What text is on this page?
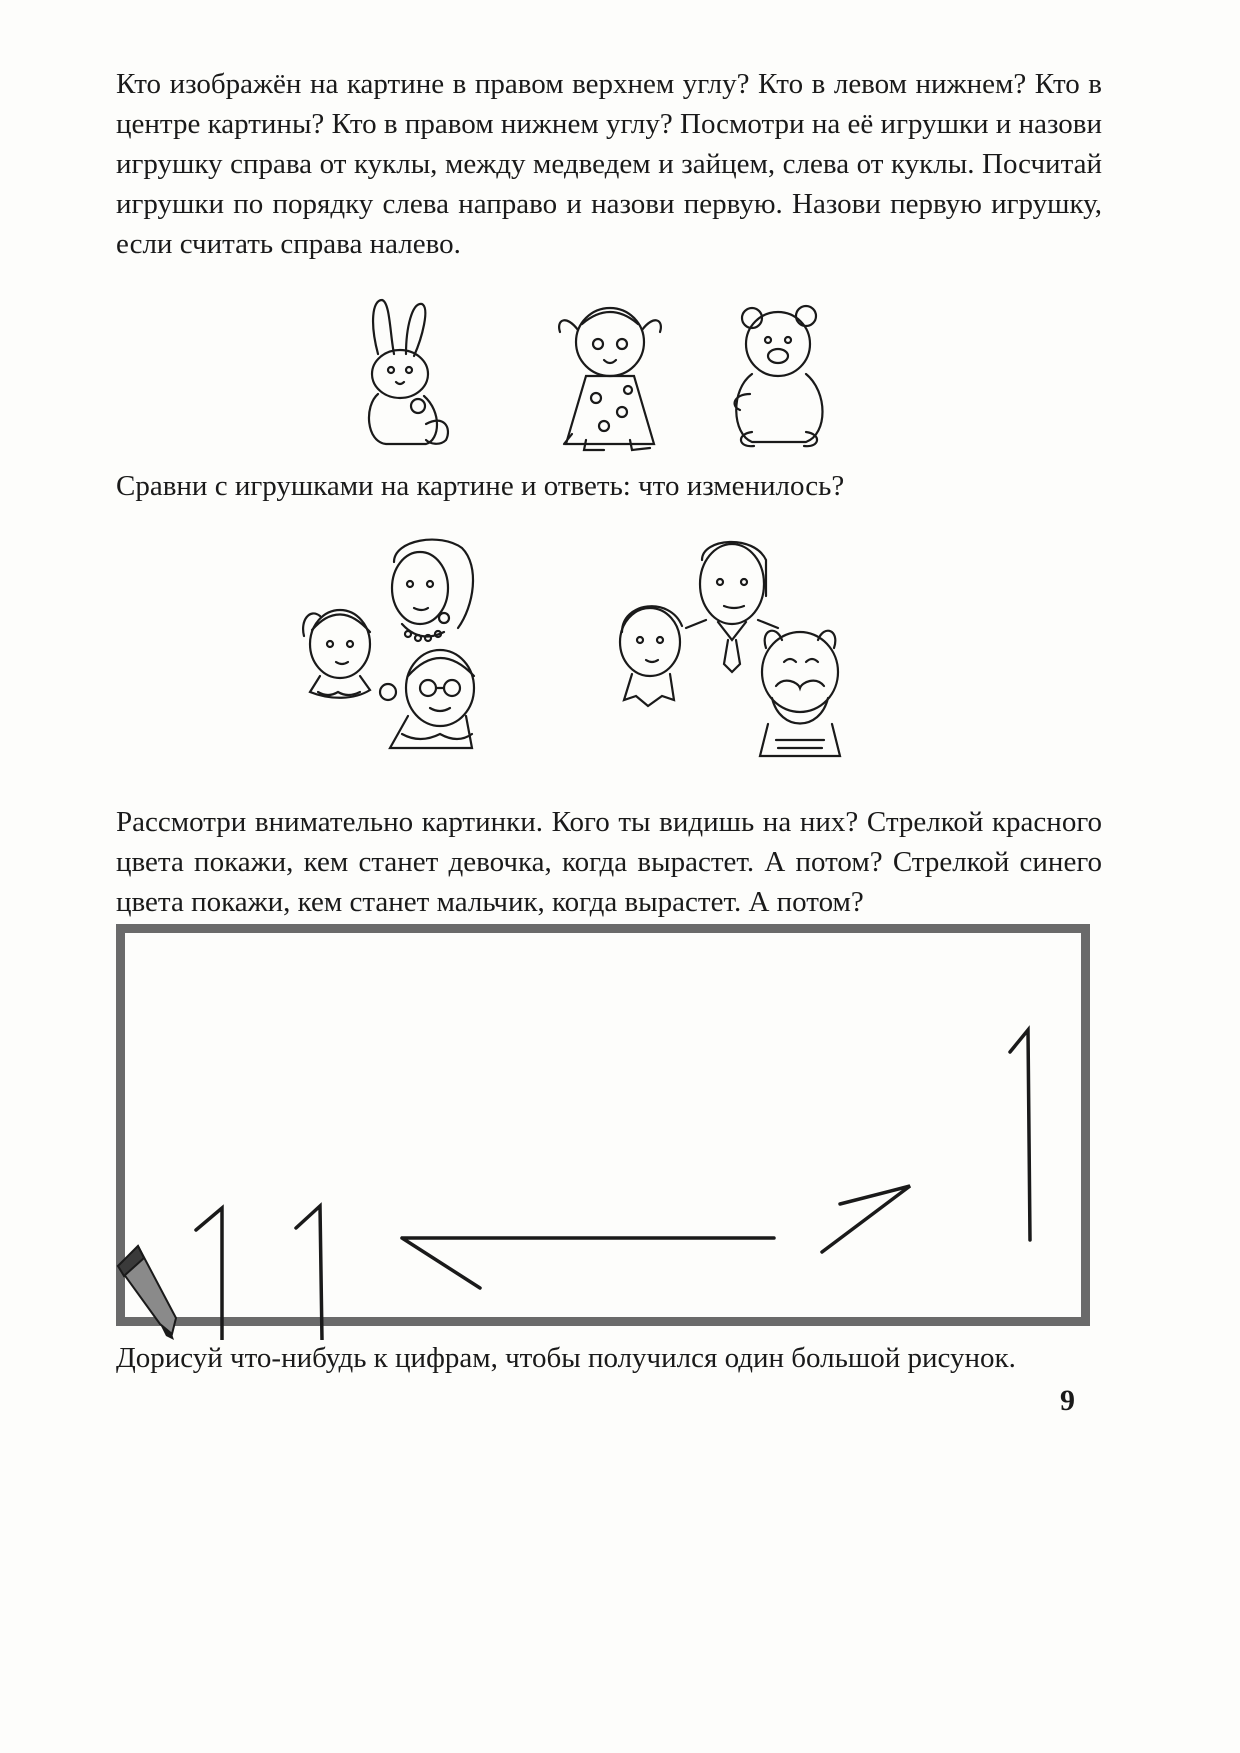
Кто изображён на картине в правом верхнем углу? Кто в левом нижнем? Кто в центре картины? Кто в правом нижнем углу? Посмотри на её игрушки и назови игрушку справа от куклы, между медведем и зайцем, слева от куклы. Посчитай игрушки по порядку слева направо и назови первую. Назови первую игрушку, если считать справа налево.

Сравни с игрушками на картине и ответь: что изменилось?

Рассмотри внимательно картинки. Кого ты видишь на них? Стрелкой красного цвета покажи, кем станет девочка, когда вырастет. А потом? Стрелкой синего цвета покажи, кем станет мальчик, когда вырастет. А потом?

Дорисуй что-нибудь к цифрам, чтобы получился один большой рисунок.

9
